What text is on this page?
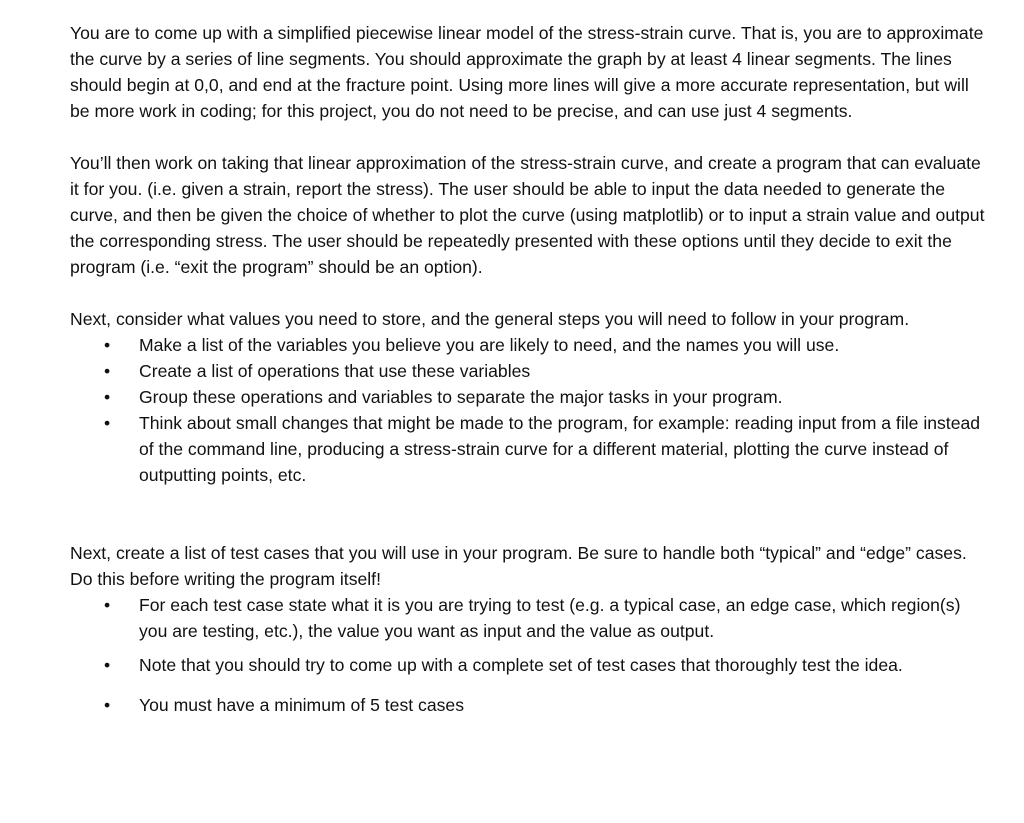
You are to come up with a simplified piecewise linear model of the stress-strain curve. That is, you are to approximate the curve by a series of line segments. You should approximate the graph by at least 4 linear segments. The lines should begin at 0,0, and end at the fracture point. Using more lines will give a more accurate representation, but will be more work in coding; for this project, you do not need to be precise, and can use just 4 segments.

You’ll then work on taking that linear approximation of the stress-strain curve, and create a program that can evaluate it for you. (i.e. given a strain, report the stress). The user should be able to input the data needed to generate the curve, and then be given the choice of whether to plot the curve (using matplotlib) or to input a strain value and output the corresponding stress. The user should be repeatedly presented with these options until they decide to exit the program (i.e. “exit the program” should be an option).

Next, consider what values you need to store, and the general steps you will need to follow in your program.

• Make a list of the variables you believe you are likely to need, and the names you will use.
• Create a list of operations that use these variables
• Group these operations and variables to separate the major tasks in your program.
• Think about small changes that might be made to the program, for example: reading input from a file instead of the command line, producing a stress-strain curve for a different material, plotting the curve instead of outputting points, etc.

Next, create a list of test cases that you will use in your program. Be sure to handle both “typical” and “edge” cases. Do this before writing the program itself!

• For each test case state what it is you are trying to test (e.g. a typical case, an edge case, which region(s) you are testing, etc.), the value you want as input and the value as output.
• Note that you should try to come up with a complete set of test cases that thoroughly test the idea.
• You must have a minimum of 5 test cases
